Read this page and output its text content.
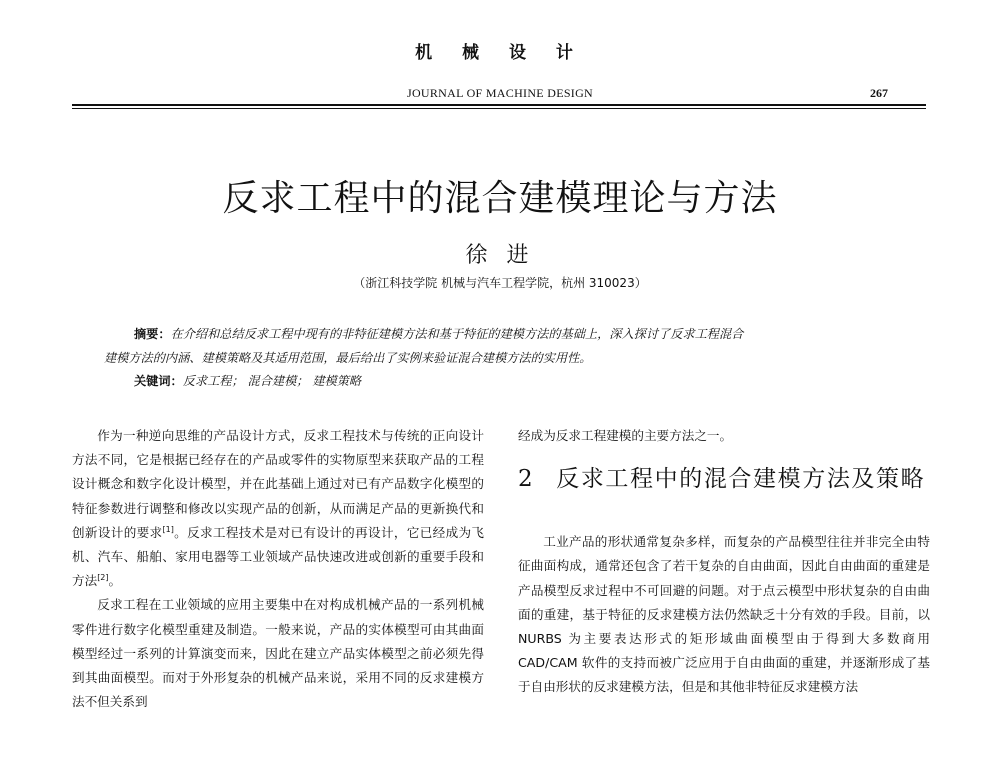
机 械 设 计
JOURNAL OF MACHINE DESIGN	267
反求工程中的混合建模理论与方法
徐 进
（浙江科技学院 机械与汽车工程学院，杭州 310023）
摘要：在介绍和总结反求工程中现有的非特征建模方法和基于特征的建模方法的基础上，深入探讨了反求工程混合
建模方法的内涵、建模策略及其适用范围，最后给出了实例来验证混合建模方法的实用性。
关键词：反求工程； 混合建模； 建模策略

作为一种逆向思维的产品设计方式，反求工程技术与传统的正向设计方法不同，它是根据已经存在的产品或零件的实物原型来获取产品的工程设计概念和数字化设计模型，并在此基础上通过对已有产品数字化模型的特征参数进行调整和修改以实现产品的创新，从而满足产品的更新换代和创新设计的要求[1]。反求工程技术是对已有设计的再设计，它已经成为飞机、汽车、船舶、家用电器等工业领域产品快速改进或创新的重要手段和方法[2]。

反求工程在工业领域的应用主要集中在对构成机械产品的一系列机械零件进行数字化模型重建及制造。一般来说，产品的实体模型可由其曲面模型经过一系列的计算演变而来，因此在建立产品实体模型之前必须先得到其曲面模型。而对于外形复杂的机械产品来说，采用不同的反求建模方法不但关系到

经成为反求工程建模的主要方法之一。

2 反求工程中的混合建模方法及策略

工业产品的形状通常复杂多样，而复杂的产品模型往往并非完全由特征曲面构成，通常还包含了若干复杂的自由曲面，因此自由曲面的重建是产品模型反求过程中不可回避的问题。对于点云模型中形状复杂的自由曲面的重建，基于特征的反求建模方法仍然缺乏十分有效的手段。目前，以 NURBS 为主要表达形式的矩形域曲面模型由于得到大多数商用 CAD/CAM 软件的支持而被广泛应用于自由曲面的重建，并逐渐形成了基于自由形状的反求建模方法，但是和其他非特征反求建模方法
